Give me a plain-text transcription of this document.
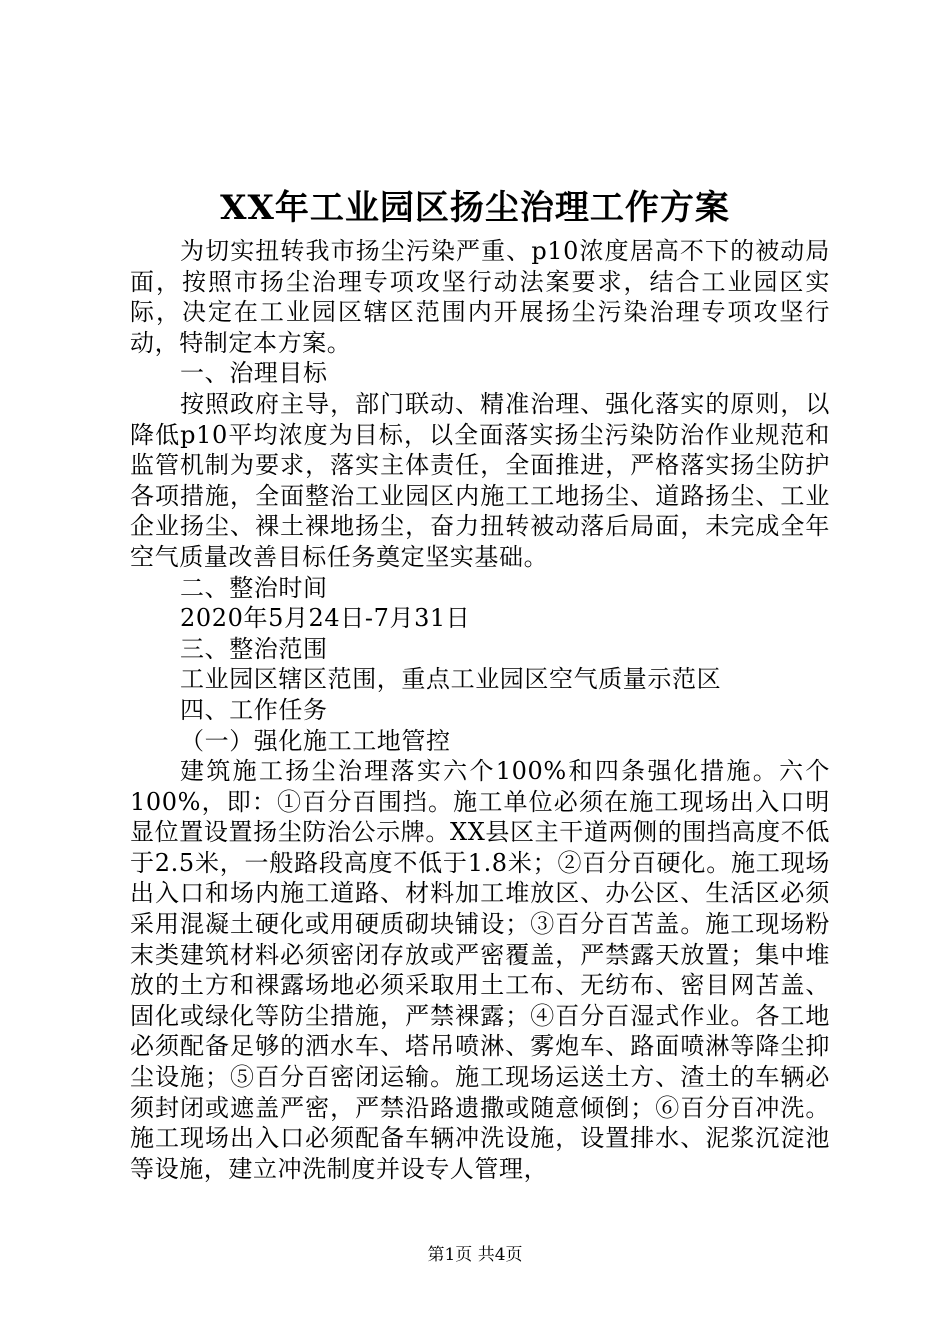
XX年工业园区扬尘治理工作方案

为切实扭转我市扬尘污染严重、p10浓度居高不下的被动局面，按照市扬尘治理专项攻坚行动法案要求，结合工业园区实际，决定在工业园区辖区范围内开展扬尘污染治理专项攻坚行动，特制定本方案。

一、治理目标

按照政府主导，部门联动、精准治理、强化落实的原则，以降低p10平均浓度为目标，以全面落实扬尘污染防治作业规范和监管机制为要求，落实主体责任，全面推进，严格落实扬尘防护各项措施，全面整治工业园区内施工工地扬尘、道路扬尘、工业企业扬尘、裸土裸地扬尘，奋力扭转被动落后局面，未完成全年空气质量改善目标任务奠定坚实基础。

二、整治时间

2020年5月24日-7月31日

三、整治范围

工业园区辖区范围，重点工业园区空气质量示范区

四、工作任务

（一）强化施工工地管控

建筑施工扬尘治理落实六个100%和四条强化措施。六个100%，即：①百分百围挡。施工单位必须在施工现场出入口明显位置设置扬尘防治公示牌。XX县区主干道两侧的围挡高度不低于2.5米，一般路段高度不低于1.8米；②百分百硬化。施工现场出入口和场内施工道路、材料加工堆放区、办公区、生活区必须采用混凝土硬化或用硬质砌块铺设；③百分百苫盖。施工现场粉末类建筑材料必须密闭存放或严密覆盖，严禁露天放置；集中堆放的土方和裸露场地必须采取用土工布、无纺布、密目网苫盖、固化或绿化等防尘措施，严禁裸露；④百分百湿式作业。各工地必须配备足够的洒水车、塔吊喷淋、雾炮车、路面喷淋等降尘抑尘设施；⑤百分百密闭运输。施工现场运送土方、渣土的车辆必须封闭或遮盖严密，严禁沿路遗撒或随意倾倒；⑥百分百冲洗。施工现场出入口必须配备车辆冲洗设施，设置排水、泥浆沉淀池等设施，建立冲洗制度并设专人管理，

第1页 共4页
